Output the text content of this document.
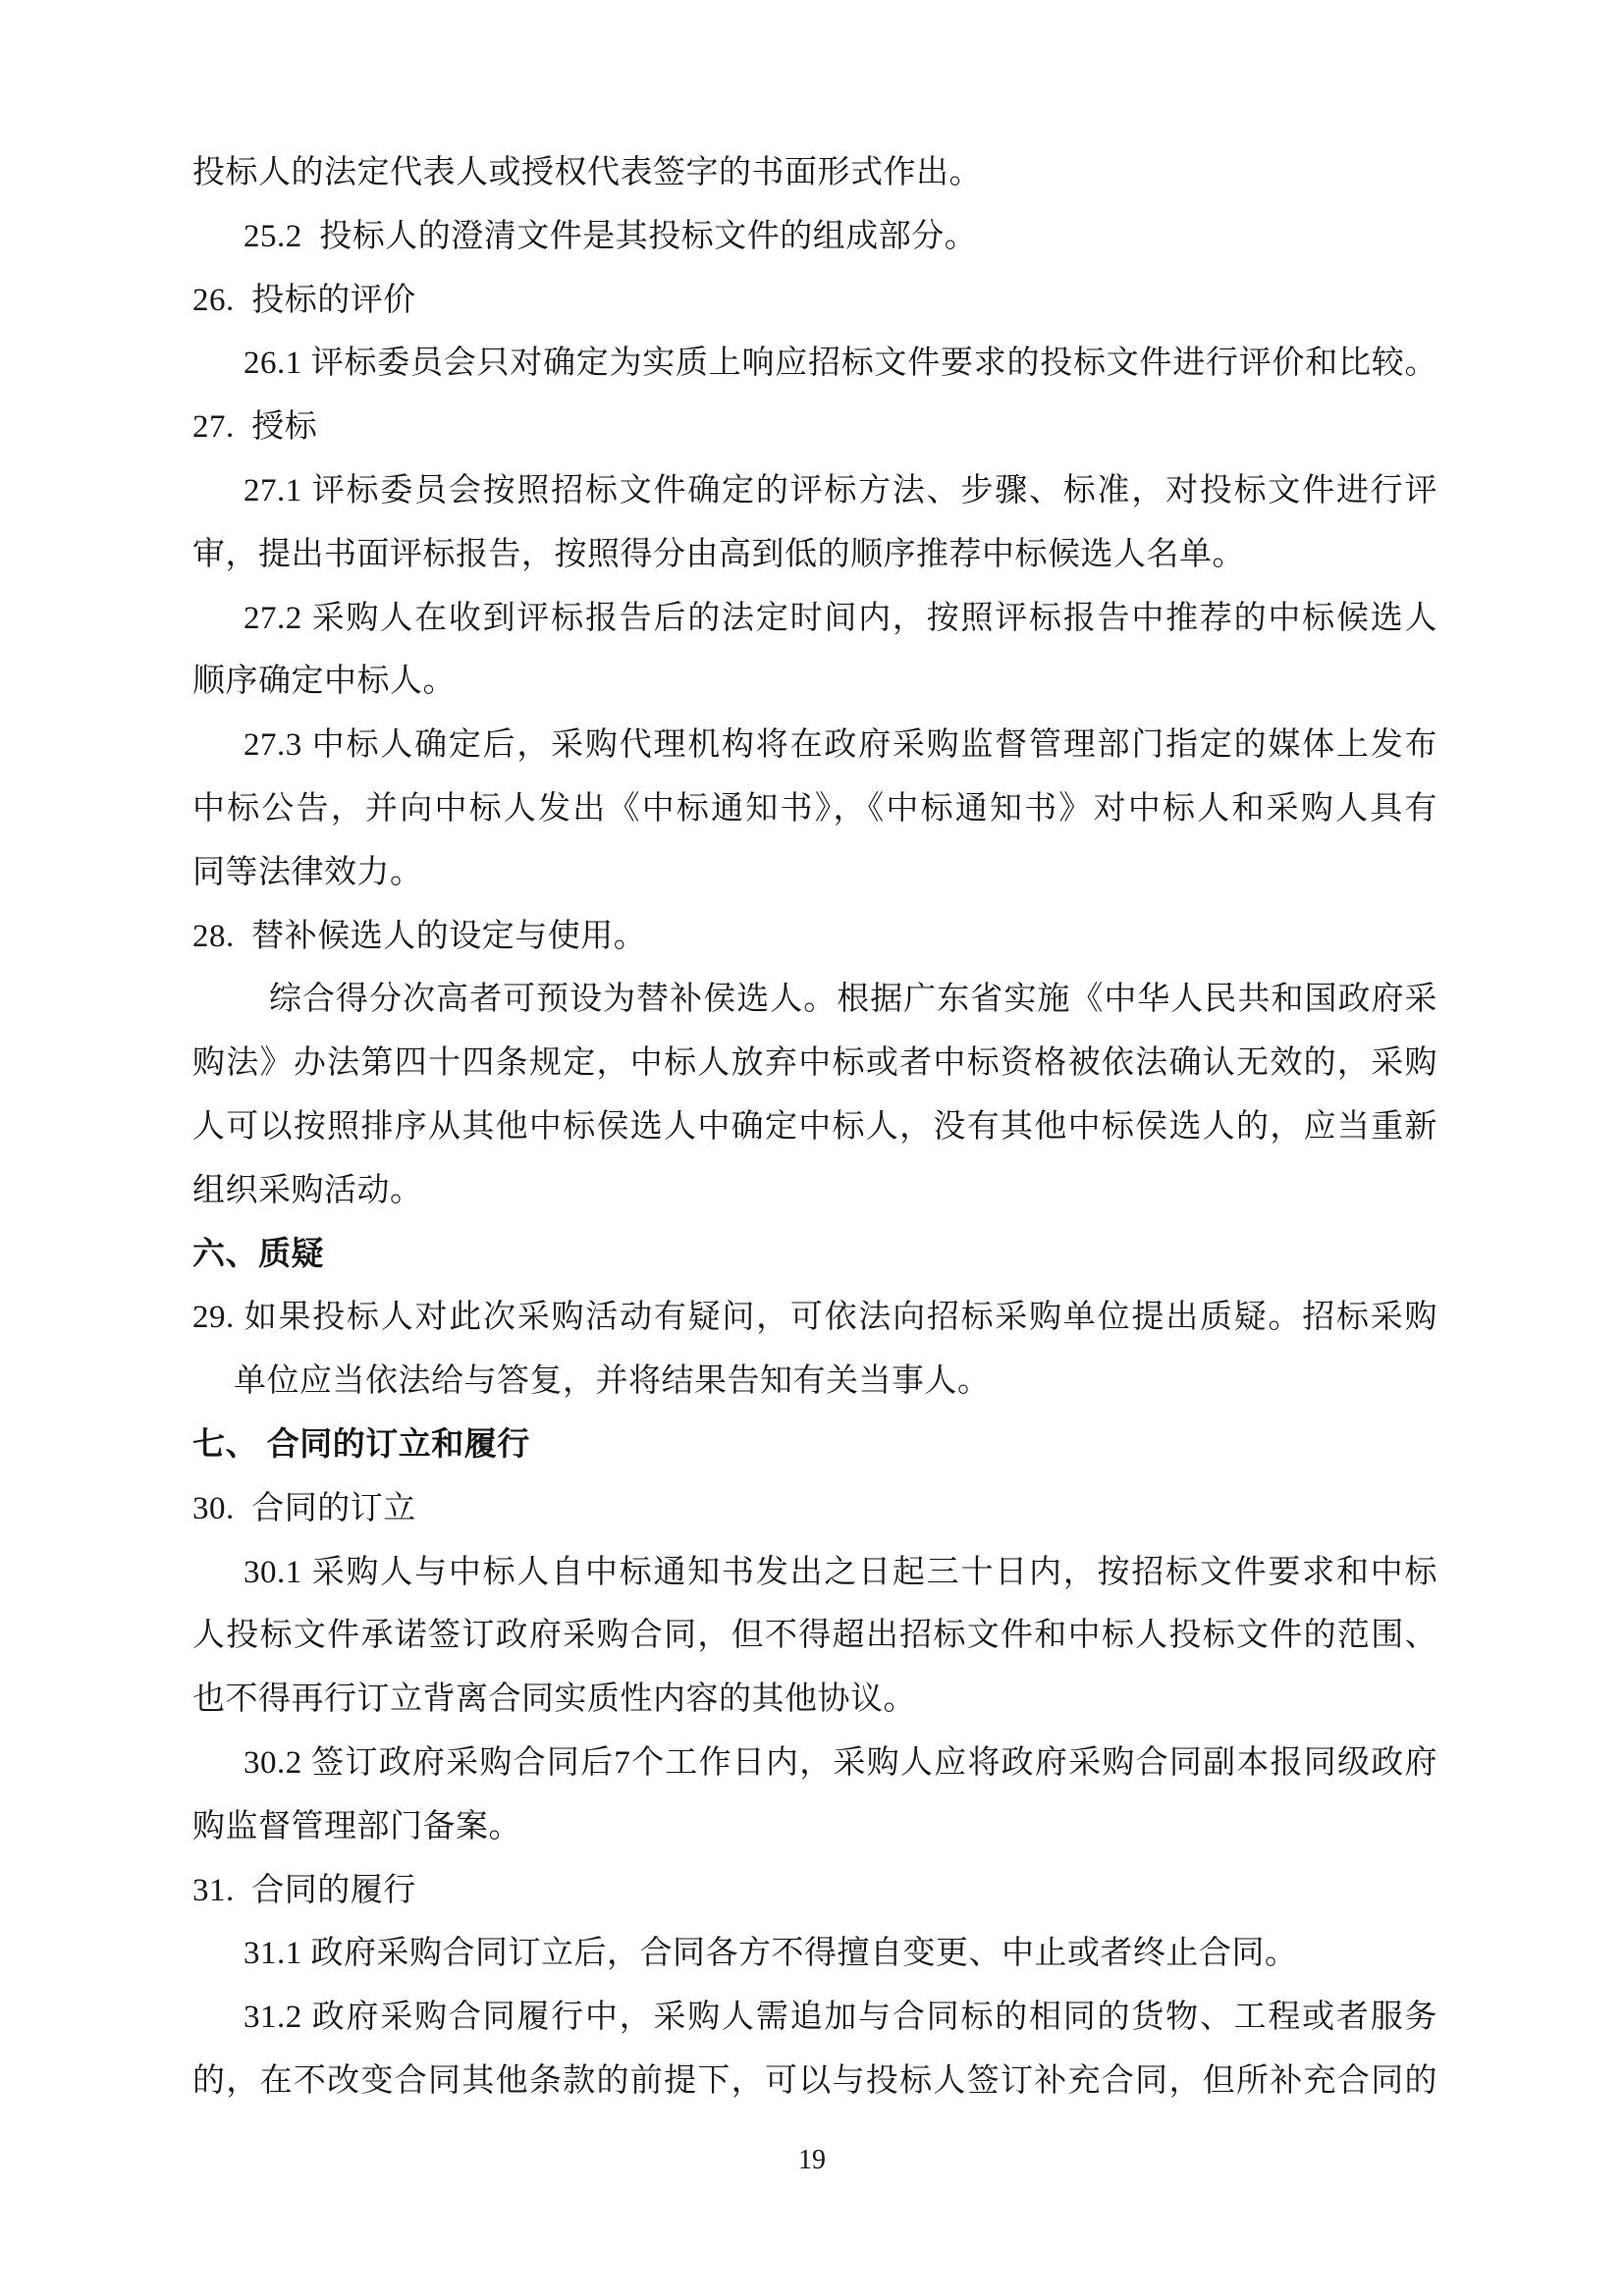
投标人的法定代表人或授权代表签字的书面形式作出。
25.2  投标人的澄清文件是其投标文件的组成部分。
26.  投标的评价
26.1 评标委员会只对确定为实质上响应招标文件要求的投标文件进行评价和比较。
27.  授标
27.1 评标委员会按照招标文件确定的评标方法、步骤、标准，对投标文件进行评
审，提出书面评标报告，按照得分由高到低的顺序推荐中标候选人名单。
27.2 采购人在收到评标报告后的法定时间内，按照评标报告中推荐的中标候选人
顺序确定中标人。
27.3 中标人确定后，采购代理机构将在政府采购监督管理部门指定的媒体上发布
中标公告，并向中标人发出《中标通知书》，《中标通知书》对中标人和采购人具有
同等法律效力。
28.  替补候选人的设定与使用。
综合得分次高者可预设为替补侯选人。根据广东省实施《中华人民共和国政府采
购法》办法第四十四条规定，中标人放弃中标或者中标资格被依法确认无效的，采购
人可以按照排序从其他中标侯选人中确定中标人，没有其他中标侯选人的，应当重新
组织采购活动。
六、质疑
29. 如果投标人对此次采购活动有疑问，可依法向招标采购单位提出质疑。招标采购
单位应当依法给与答复，并将结果告知有关当事人。
七、 合同的订立和履行
30.  合同的订立
30.1 采购人与中标人自中标通知书发出之日起三十日内，按招标文件要求和中标
人投标文件承诺签订政府采购合同，但不得超出招标文件和中标人投标文件的范围、
也不得再行订立背离合同实质性内容的其他协议。
30.2 签订政府采购合同后7个工作日内，采购人应将政府采购合同副本报同级政府
购监督管理部门备案。
31.  合同的履行
31.1 政府采购合同订立后，合同各方不得擅自变更、中止或者终止合同。
31.2 政府采购合同履行中，采购人需追加与合同标的相同的货物、工程或者服务
的，在不改变合同其他条款的前提下，可以与投标人签订补充合同，但所补充合同的
19
